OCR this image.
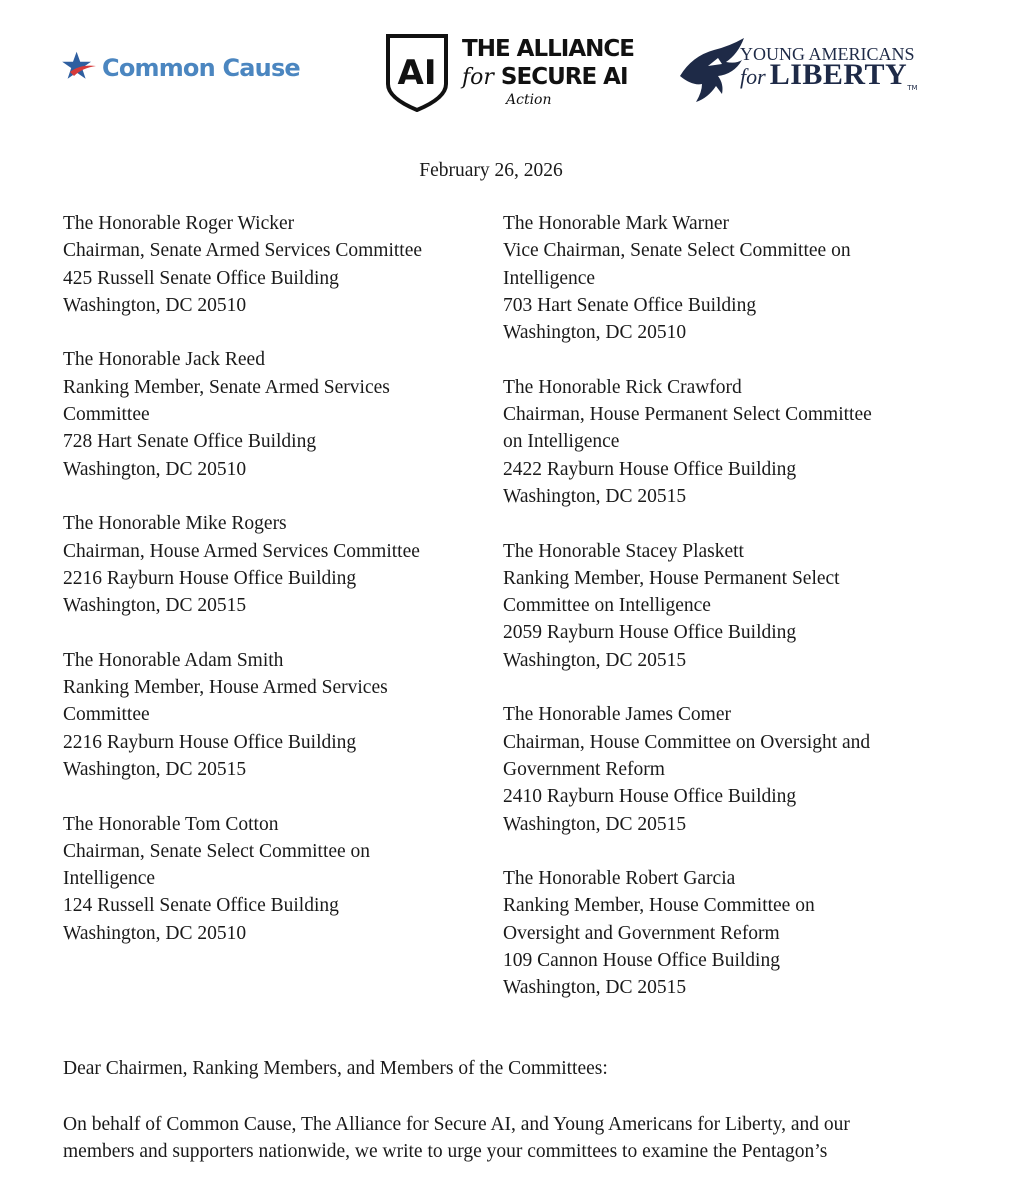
Common Cause	AI
THE ALLIANCE
for SECURE AI
Action
YOUNG AMERICANS
for LIBERTYTM
February 26, 2026
The Honorable Roger Wicker
Chairman, Senate Armed Services Committee
425 Russell Senate Office Building
Washington, DC 20510
The Honorable Jack Reed
Ranking Member, Senate Armed Services
Committee
728 Hart Senate Office Building
Washington, DC 20510
The Honorable Mike Rogers
Chairman, House Armed Services Committee
2216 Rayburn House Office Building
Washington, DC 20515
The Honorable Adam Smith
Ranking Member, House Armed Services
Committee
2216 Rayburn House Office Building
Washington, DC 20515
The Honorable Tom Cotton
Chairman, Senate Select Committee on
Intelligence
124 Russell Senate Office Building
Washington, DC 20510
The Honorable Mark Warner
Vice Chairman, Senate Select Committee on
Intelligence
703 Hart Senate Office Building
Washington, DC 20510
The Honorable Rick Crawford
Chairman, House Permanent Select Committee
on Intelligence
2422 Rayburn House Office Building
Washington, DC 20515
The Honorable Stacey Plaskett
Ranking Member, House Permanent Select
Committee on Intelligence
2059 Rayburn House Office Building
Washington, DC 20515
The Honorable James Comer
Chairman, House Committee on Oversight and
Government Reform
2410 Rayburn House Office Building
Washington, DC 20515
The Honorable Robert Garcia
Ranking Member, House Committee on
Oversight and Government Reform
109 Cannon House Office Building
Washington, DC 20515
Dear Chairmen, Ranking Members, and Members of the Committees:
On behalf of Common Cause, The Alliance for Secure AI, and Young Americans for Liberty, and our
members and supporters nationwide, we write to urge your committees to examine the Pentagon’s
